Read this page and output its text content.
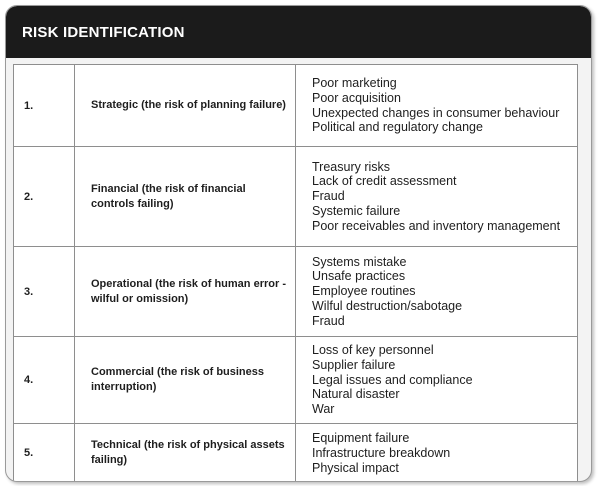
RISK IDENTIFICATION
1.	Strategic (the risk of planning failure)	Poor marketing
Poor acquisition
Unexpected changes in consumer behaviour
Political and regulatory change

2.	Financial (the risk of financial controls failing)	Treasury risks
Lack of credit assessment
Fraud
Systemic failure
Poor receivables and inventory management

3.	Operational (the risk of human error - wilful or omission)	Systems mistake
Unsafe practices
Employee routines
Wilful destruction/sabotage
Fraud

4.	Commercial (the risk of business interruption)	Loss of key personnel
Supplier failure
Legal issues and compliance
Natural disaster
War

5.	Technical (the risk of physical assets failing)	Equipment failure
Infrastructure breakdown
Physical impact
